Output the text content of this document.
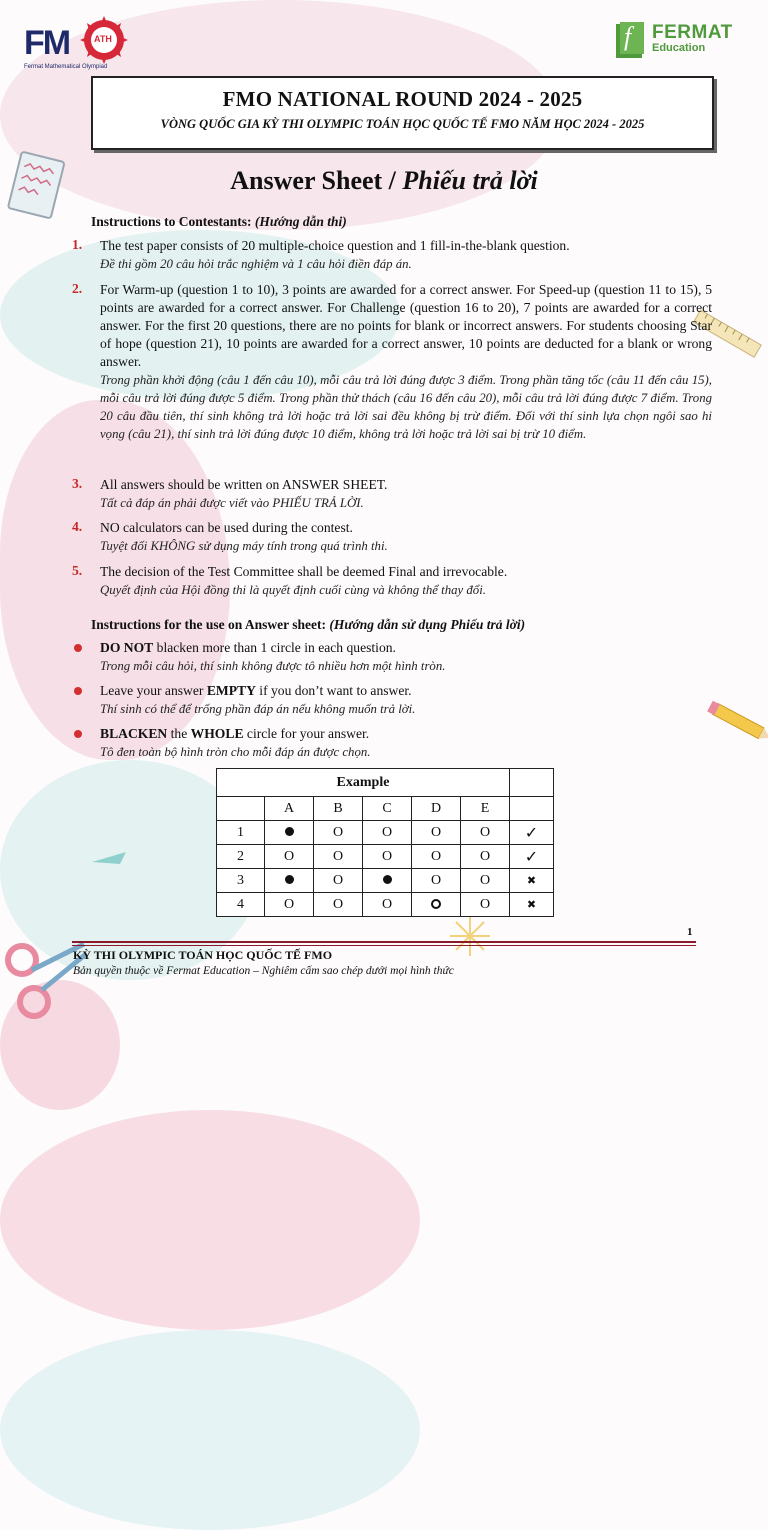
FM	ATH
Fermat Mathematical Olympiad
f FERMAT
Education
FMO NATIONAL ROUND 2024 - 2025
VÒNG QUỐC GIA KỲ THI OLYMPIC TOÁN HỌC QUỐC TẾ FMO NĂM HỌC 2024 - 2025
Answer Sheet / Phiếu trả lời
Instructions to Contestants: (Hướng dẫn thi)
1. The test paper consists of 20 multiple-choice question and 1 fill-in-the-blank question.
Đề thi gồm 20 câu hỏi trắc nghiệm và 1 câu hỏi điền đáp án.
2. For Warm-up (question 1 to 10), 3 points are awarded for a correct answer. For Speed-up (question 11 to 15), 5 points are awarded for a correct answer. For Challenge (question 16 to 20), 7 points are awarded for a correct answer. For the first 20 questions, there are no points for blank or incorrect answers. For students choosing Star of hope (question 21), 10 points are awarded for a correct answer, 10 points are deducted for a blank or wrong answer.
Trong phần khởi động (câu 1 đến câu 10), mỗi câu trả lời đúng được 3 điểm. Trong phần tăng tốc (câu 11 đến câu 15), mỗi câu trả lời đúng được 5 điểm. Trong phần thử thách (câu 16 đến câu 20), mỗi câu trả lời đúng được 7 điểm. Trong 20 câu đầu tiên, thí sinh không trả lời hoặc trả lời sai đều không bị trừ điểm. Đối với thí sinh lựa chọn ngôi sao hi vọng (câu 21), thí sinh trả lời đúng được 10 điểm, không trả lời hoặc trả lời sai bị trừ 10 điểm.
3. All answers should be written on ANSWER SHEET.
Tất cả đáp án phải được viết vào PHIẾU TRẢ LỜI.
4. NO calculators can be used during the contest.
Tuyệt đối KHÔNG sử dụng máy tính trong quá trình thi.
5. The decision of the Test Committee shall be deemed Final and irrevocable.
Quyết định của Hội đồng thi là quyết định cuối cùng và không thể thay đổi.
Instructions for the use on Answer sheet: (Hướng dẫn sử dụng Phiếu trả lời)
DO NOT blacken more than 1 circle in each question.
Trong mỗi câu hỏi, thí sinh không được tô nhiều hơn một hình tròn.
Leave your answer EMPTY if you don’t want to answer.
Thí sinh có thể để trống phần đáp án nếu không muốn trả lời.
BLACKEN the WHOLE circle for your answer.
Tô đen toàn bộ hình tròn cho mỗi đáp án được chọn.
Example						
	A	B	C	D	E	
1		O	O	O	O	✓
2	O	O	O	O	O	✓
3		O		O	O	✖
4	O	O	O		O	✖
1
KỲ THI OLYMPIC TOÁN HỌC QUỐC TẾ FMO
Bản quyền thuộc về Fermat Education – Nghiêm cấm sao chép dưới mọi hình thức
